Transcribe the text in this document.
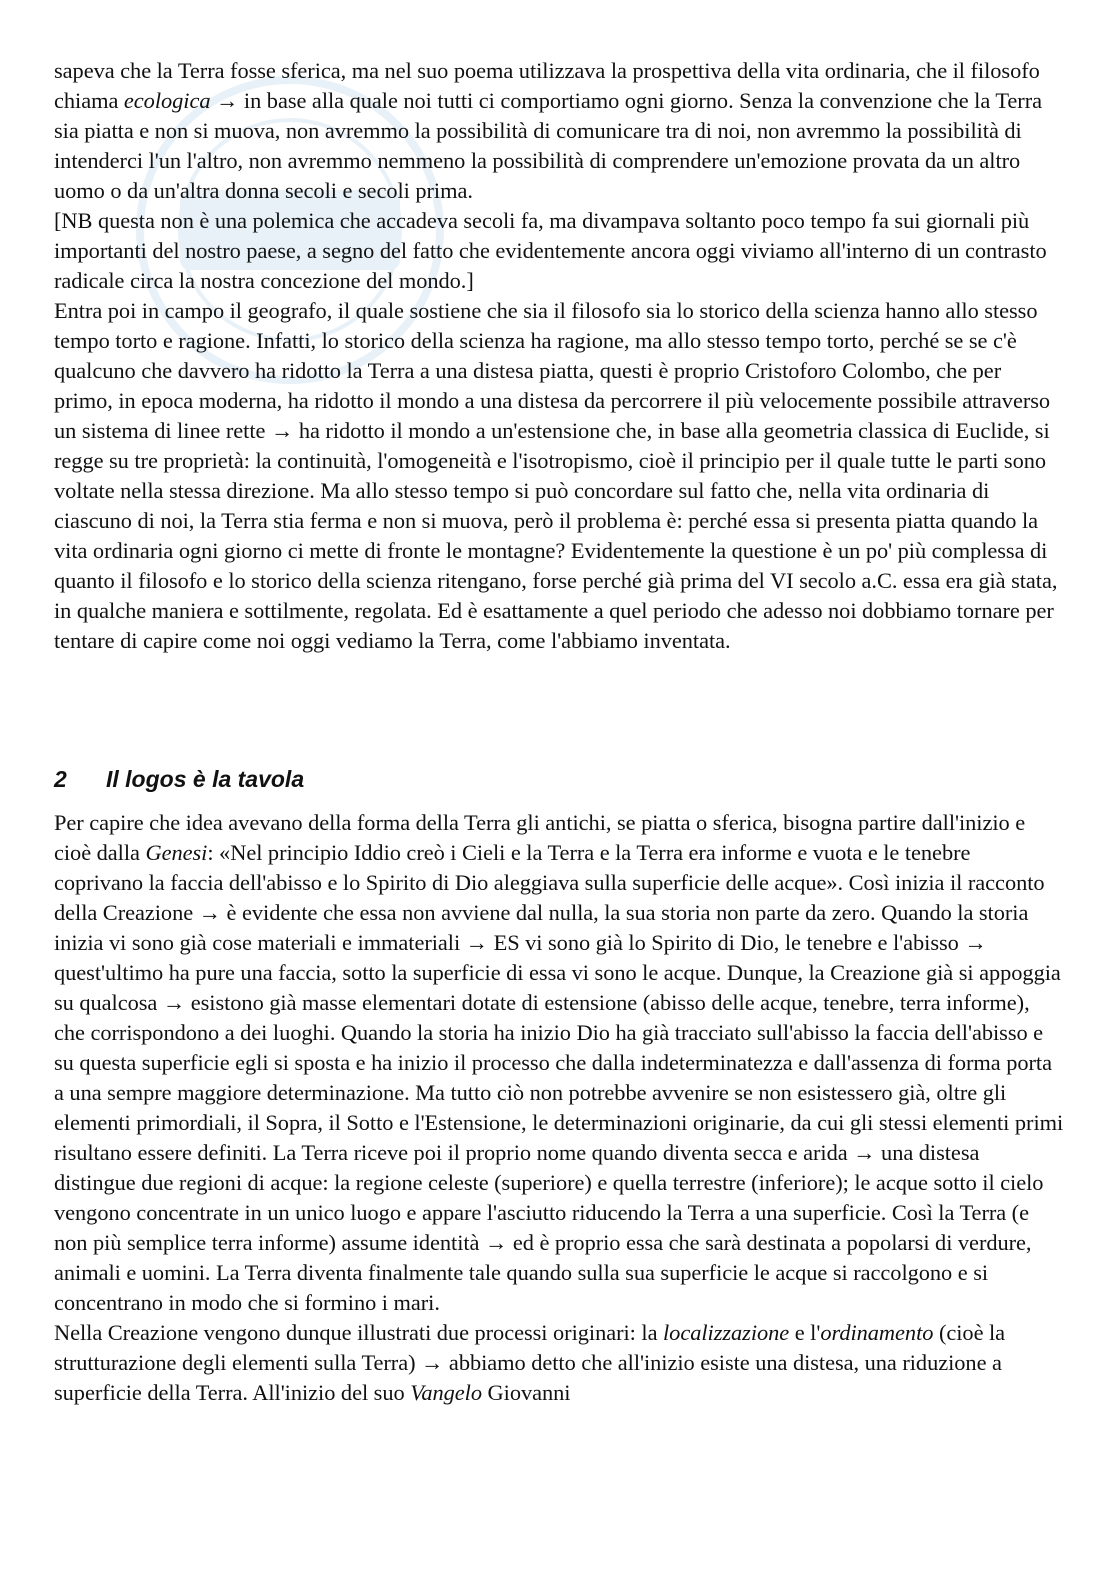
sapeva che la Terra fosse sferica, ma nel suo poema utilizzava la prospettiva della vita ordinaria, che il filosofo chiama ecologica → in base alla quale noi tutti ci comportiamo ogni giorno. Senza la convenzione che la Terra sia piatta e non si muova, non avremmo la possibilità di comunicare tra di noi, non avremmo la possibilità di intenderci l'un l'altro, non avremmo nemmeno la possibilità di comprendere un'emozione provata da un altro uomo o da un'altra donna secoli e secoli prima.

[NB questa non è una polemica che accadeva secoli fa, ma divampava soltanto poco tempo fa sui giornali più importanti del nostro paese, a segno del fatto che evidentemente ancora oggi viviamo all'interno di un contrasto radicale circa la nostra concezione del mondo.]

Entra poi in campo il geografo, il quale sostiene che sia il filosofo sia lo storico della scienza hanno allo stesso tempo torto e ragione. Infatti, lo storico della scienza ha ragione, ma allo stesso tempo torto, perché se se c'è qualcuno che davvero ha ridotto la Terra a una distesa piatta, questi è proprio Cristoforo Colombo, che per primo, in epoca moderna, ha ridotto il mondo a una distesa da percorrere il più velocemente possibile attraverso un sistema di linee rette → ha ridotto il mondo a un'estensione che, in base alla geometria classica di Euclide, si regge su tre proprietà: la continuità, l'omogeneità e l'isotropismo, cioè il principio per il quale tutte le parti sono voltate nella stessa direzione. Ma allo stesso tempo si può concordare sul fatto che, nella vita ordinaria di ciascuno di noi, la Terra stia ferma e non si muova, però il problema è: perché essa si presenta piatta quando la vita ordinaria ogni giorno ci mette di fronte le montagne? Evidentemente la questione è un po' più complessa di quanto il filosofo e lo storico della scienza ritengano, forse perché già prima del VI secolo a.C. essa era già stata, in qualche maniera e sottilmente, regolata. Ed è esattamente a quel periodo che adesso noi dobbiamo tornare per tentare di capire come noi oggi vediamo la Terra, come l'abbiamo inventata.

2 Il logos è la tavola

Per capire che idea avevano della forma della Terra gli antichi, se piatta o sferica, bisogna partire dall'inizio e cioè dalla Genesi: «Nel principio Iddio creò i Cieli e la Terra e la Terra era informe e vuota e le tenebre coprivano la faccia dell'abisso e lo Spirito di Dio aleggiava sulla superficie delle acque». Così inizia il racconto della Creazione → è evidente che essa non avviene dal nulla, la sua storia non parte da zero. Quando la storia inizia vi sono già cose materiali e immateriali → ES vi sono già lo Spirito di Dio, le tenebre e l'abisso → quest'ultimo ha pure una faccia, sotto la superficie di essa vi sono le acque. Dunque, la Creazione già si appoggia su qualcosa → esistono già masse elementari dotate di estensione (abisso delle acque, tenebre, terra informe), che corrispondono a dei luoghi. Quando la storia ha inizio Dio ha già tracciato sull'abisso la faccia dell'abisso e su questa superficie egli si sposta e ha inizio il processo che dalla indeterminatezza e dall'assenza di forma porta a una sempre maggiore determinazione. Ma tutto ciò non potrebbe avvenire se non esistessero già, oltre gli elementi primordiali, il Sopra, il Sotto e l'Estensione, le determinazioni originarie, da cui gli stessi elementi primi risultano essere definiti. La Terra riceve poi il proprio nome quando diventa secca e arida → una distesa distingue due regioni di acque: la regione celeste (superiore) e quella terrestre (inferiore); le acque sotto il cielo vengono concentrate in un unico luogo e appare l'asciutto riducendo la Terra a una superficie. Così la Terra (e non più semplice terra informe) assume identità → ed è proprio essa che sarà destinata a popolarsi di verdure, animali e uomini. La Terra diventa finalmente tale quando sulla sua superficie le acque si raccolgono e si concentrano in modo che si formino i mari.

Nella Creazione vengono dunque illustrati due processi originari: la localizzazione e l'ordinamento (cioè la strutturazione degli elementi sulla Terra) → abbiamo detto che all'inizio esiste una distesa, una riduzione a superficie della Terra. All'inizio del suo Vangelo Giovanni
